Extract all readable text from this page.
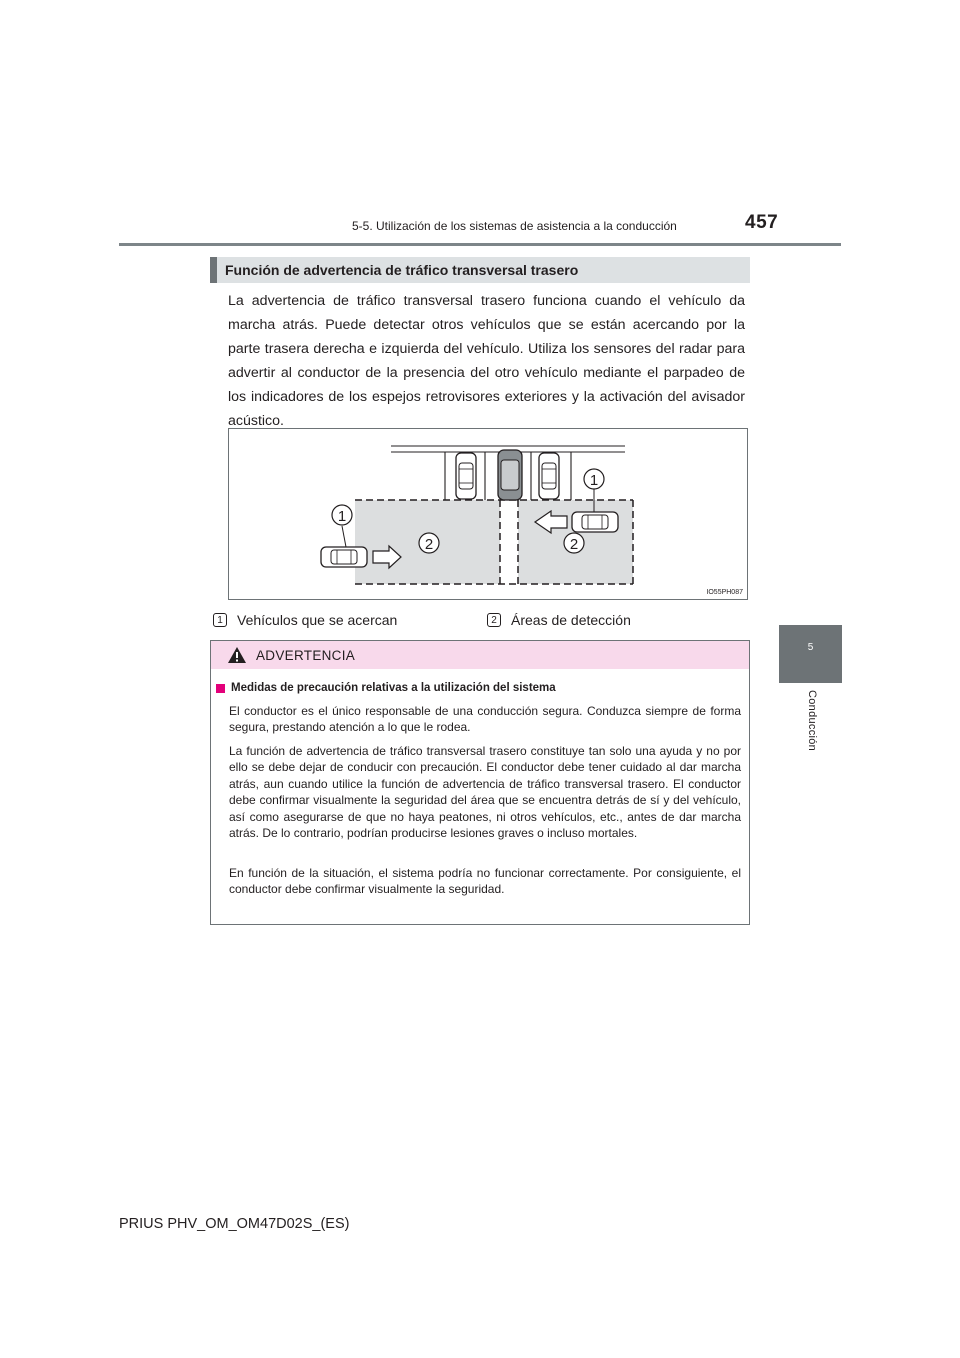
5-5. Utilización de los sistemas de asistencia a la conducción	457
5
Conducción
Función de advertencia de tráfico transversal trasero

La advertencia de tráfico transversal trasero funciona cuando el vehículo da marcha atrás. Puede detectar otros vehículos que se están acercando por la parte trasera derecha e izquierda del vehículo. Utiliza los sensores del radar para advertir al conductor de la presencia del otro vehículo mediante el parpadeo de los indicadores de los espejos retrovisores exteriores y la activación del avisador acústico.

1
2
1
2
IO55PH087
1	Vehículos que se acercan	2	Áreas de detección
ADVERTENCIA
Medidas de precaución relativas a la utilización del sistema

El conductor es el único responsable de una conducción segura. Conduzca siempre de forma segura, prestando atención a lo que le rodea.

La función de advertencia de tráfico transversal trasero constituye tan solo una ayuda y no por ello se debe dejar de conducir con precaución. El conductor debe tener cuidado al dar marcha atrás, aun cuando utilice la función de advertencia de tráfico transversal trasero. El conductor debe confirmar visualmente la seguridad del área que se encuentra detrás de sí y del vehículo, así como asegurarse de que no haya peatones, ni otros vehículos, etc., antes de dar marcha atrás. De lo contrario, podrían producirse lesiones graves o incluso mortales.

En función de la situación, el sistema podría no funcionar correctamente. Por consiguiente, el conductor debe confirmar visualmente la seguridad.

PRIUS PHV_OM_OM47D02S_(ES)
